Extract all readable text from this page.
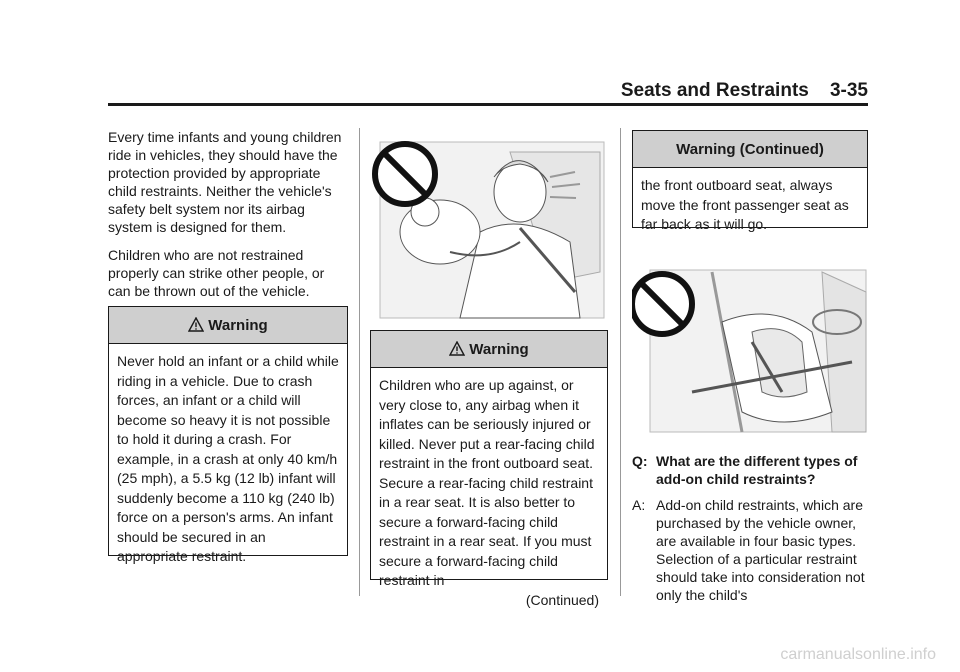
Seats and Restraints 3-35

Every time infants and young children ride in vehicles, they should have the protection provided by appropriate child restraints. Neither the vehicle's safety belt system nor its airbag system is designed for them.

Children who are not restrained properly can strike other people, or can be thrown out of the vehicle.

Warning
Never hold an infant or a child while riding in a vehicle. Due to crash forces, an infant or a child will become so heavy it is not possible to hold it during a crash. For example, in a crash at only 40 km/h (25 mph), a 5.5 kg (12 lb) infant will suddenly become a 110 kg (240 lb) force on a person's arms. An infant should be secured in an appropriate restraint.
Warning
Children who are up against, or very close to, any airbag when it inflates can be seriously injured or killed. Never put a rear-facing child restraint in the front outboard seat. Secure a rear-facing child restraint in a rear seat. It is also better to secure a forward-facing child restraint in a rear seat. If you must secure a forward-facing child restraint in
(Continued)
Warning (Continued)
the front outboard seat, always move the front passenger seat as far back as it will go.
Q: What are the different types of add-on child restraints?
A: Add-on child restraints, which are purchased by the vehicle owner, are available in four basic types. Selection of a particular restraint should take into consideration not only the child's
carmanualsonline.info
